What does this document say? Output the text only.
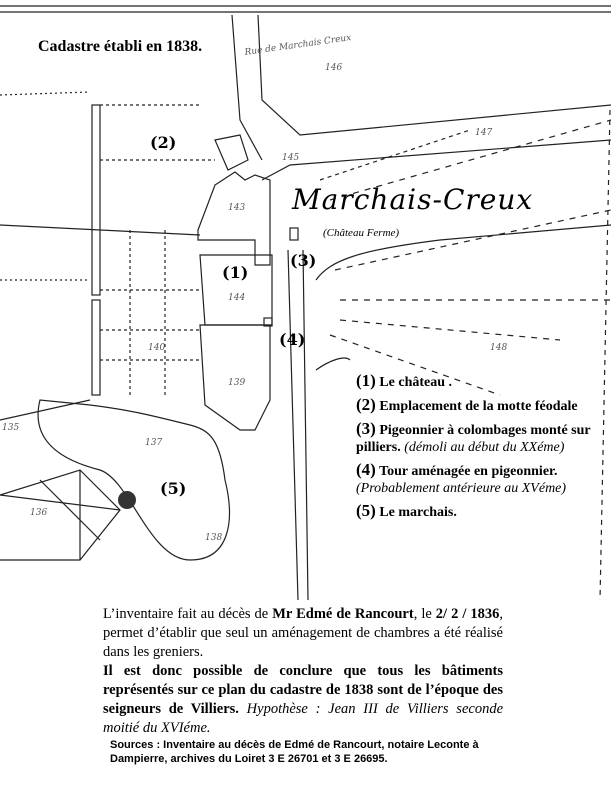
Rue de Marchais Creux
143
144
139
140
137
147
148
146
138
135
145
136
(2)
(1)
(3)
(4)
(5)
Cadastre établi en 1838.
Marchais-Creux
(Château Ferme)
(1) Le château .
(2) Emplacement de la motte féodale
(3) Pigeonnier à colombages monté sur pilliers. (démoli au début du XXéme)
(4) Tour aménagée en pigeonnier. (Probablement antérieure au XVéme)
(5) Le marchais.
L’inventaire fait au décès de Mr Edmé de Rancourt, le 2/ 2 / 1836, permet d’établir que seul un aménagement de chambres a été réalisé dans les greniers.
Il est donc possible de conclure que tous les bâtiments représentés sur ce plan du cadastre de 1838 sont de l’époque des seigneurs de Villiers. Hypothèse : Jean III de Villiers seconde moitié du XVIéme.
Sources : Inventaire au décès de Edmé de Rancourt, notaire Leconte à Dampierre, archives du Loiret 3 E 26701 et 3 E 26695.
